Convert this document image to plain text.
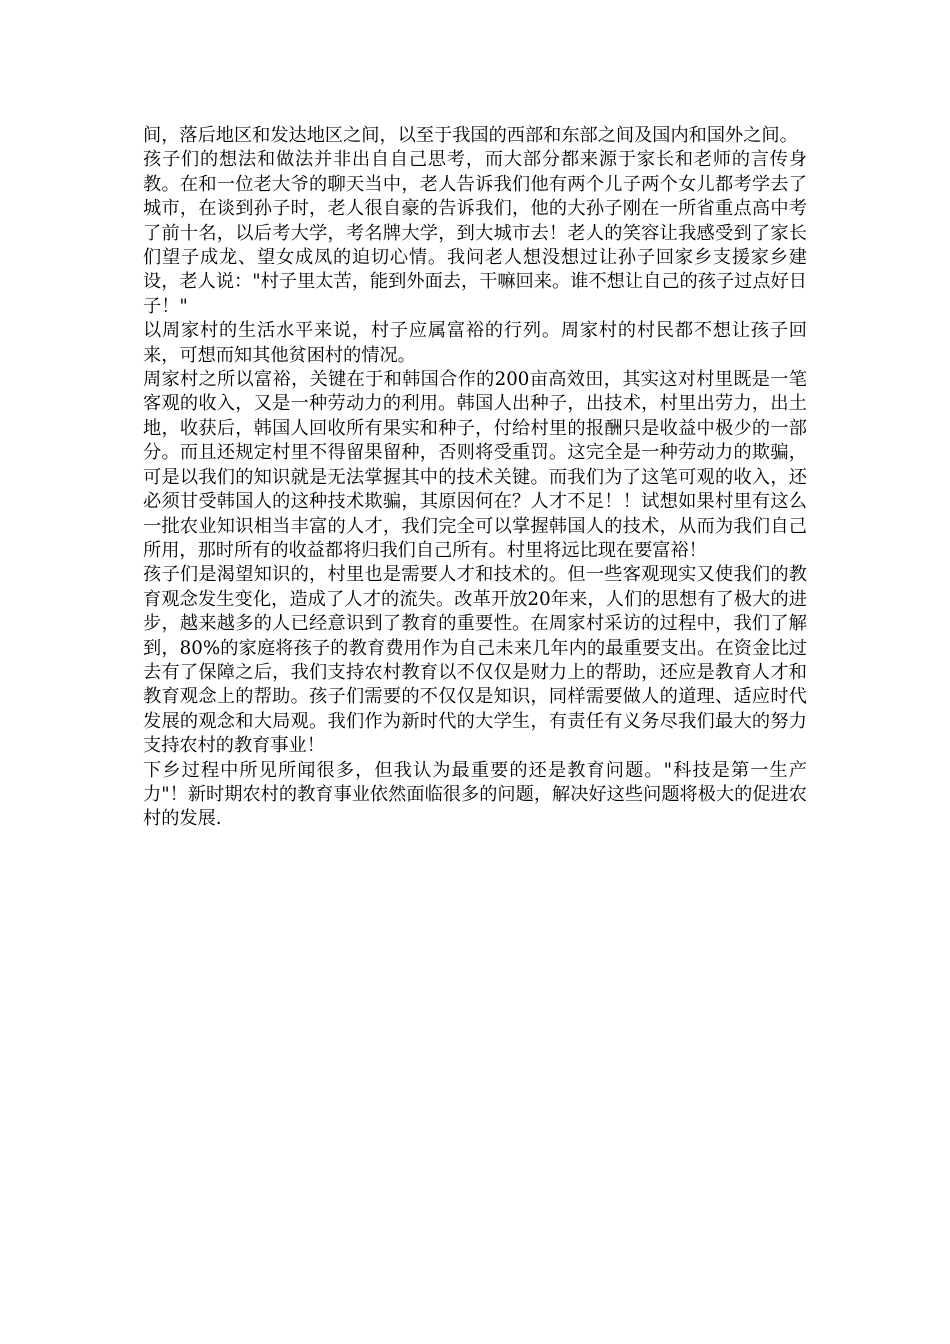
间，落后地区和发达地区之间，以至于我国的西部和东部之间及国内和国外之间。

孩子们的想法和做法并非出自自己思考，而大部分都来源于家长和老师的言传身教。在和一位老大爷的聊天当中，老人告诉我们他有两个儿子两个女儿都考学去了城市，在谈到孙子时，老人很自豪的告诉我们，他的大孙子刚在一所省重点高中考了前十名，以后考大学，考名牌大学，到大城市去！老人的笑容让我感受到了家长们望子成龙、望女成凤的迫切心情。我问老人想没想过让孙子回家乡支援家乡建设，老人说："村子里太苦，能到外面去，干嘛回来。谁不想让自己的孩子过点好日子！"

以周家村的生活水平来说，村子应属富裕的行列。周家村的村民都不想让孩子回来，可想而知其他贫困村的情况。

周家村之所以富裕，关键在于和韩国合作的200亩高效田，其实这对村里既是一笔客观的收入，又是一种劳动力的利用。韩国人出种子，出技术，村里出劳力，出土地，收获后，韩国人回收所有果实和种子，付给村里的报酬只是收益中极少的一部分。而且还规定村里不得留果留种，否则将受重罚。这完全是一种劳动力的欺骗，可是以我们的知识就是无法掌握其中的技术关键。而我们为了这笔可观的收入，还必须甘受韩国人的这种技术欺骗，其原因何在？人才不足！！试想如果村里有这么一批农业知识相当丰富的人才，我们完全可以掌握韩国人的技术，从而为我们自己所用，那时所有的收益都将归我们自己所有。村里将远比现在要富裕！

孩子们是渴望知识的，村里也是需要人才和技术的。但一些客观现实又使我们的教育观念发生变化，造成了人才的流失。改革开放20年来，人们的思想有了极大的进步，越来越多的人已经意识到了教育的重要性。在周家村采访的过程中，我们了解到，80%的家庭将孩子的教育费用作为自己未来几年内的最重要支出。在资金比过去有了保障之后，我们支持农村教育以不仅仅是财力上的帮助，还应是教育人才和教育观念上的帮助。孩子们需要的不仅仅是知识，同样需要做人的道理、适应时代发展的观念和大局观。我们作为新时代的大学生，有责任有义务尽我们最大的努力支持农村的教育事业！

下乡过程中所见所闻很多，但我认为最重要的还是教育问题。"科技是第一生产力"！新时期农村的教育事业依然面临很多的问题，解决好这些问题将极大的促进农村的发展.
